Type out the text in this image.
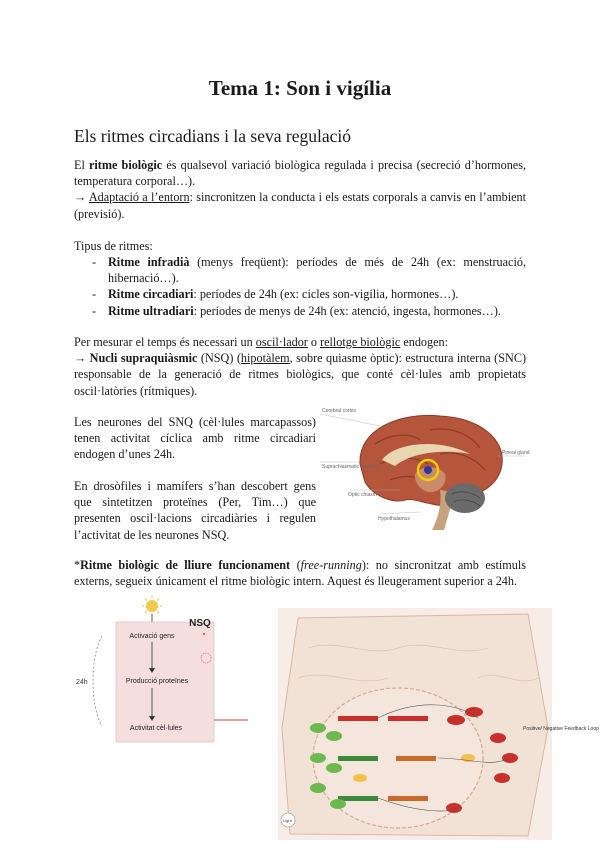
Tema 1: Son i vigília
Els ritmes circadians i la seva regulació
El ritme biològic és qualsevol variació biològica regulada i precisa (secreció d’hormones, temperatura corporal…).
→ Adaptació a l’entorn: sincronitzen la conducta i els estats corporals a canvis en l’ambient (previsió).
Tipus de ritmes:
- Ritme infradià (menys freqüent): períodes de més de 24h (ex: menstruació, hibernació…).
- Ritme circadiari: períodes de 24h (ex: cicles son-vigília, hormones…).
- Ritme ultradiari: períodes de menys de 24h (ex: atenció, ingesta, hormones…).
Per mesurar el temps és necessari un oscil·lador o rellotge biològic endogen:
→ Nucli supraquiàsmic (NSQ) (hipotàlem, sobre quiasme òptic): estructura interna (SNC) responsable de la generació de ritmes biològics, que conté cèl·lules amb propietats oscil·latòries (rítmiques).
Les neurones del SNQ (cèl·lules marcapassos) tenen activitat cíclica amb ritme circadiari endogen d’unes 24h.
En drosòfiles i mamífers s’han descobert gens que sintetitzen proteïnes (Per, Tim…) que presenten oscil·lacions circadiàries i regulen l’activitat de les neurones NSQ.
Cerebral cortex
Suprachiasmatic nucleus
Optic chiasm
Hypothalamus
Pineal gland
*Ritme biològic de lliure funcionament (free-running): no sincronitzat amb estímuls externs, segueix únicament el ritme biològic intern. Aquest és lleugerament superior a 24h.
NSQ
Activació gens
Producció proteïnes
Activitat cèl·lules
24h
Positive/ Negative Feedback Loop
Light
